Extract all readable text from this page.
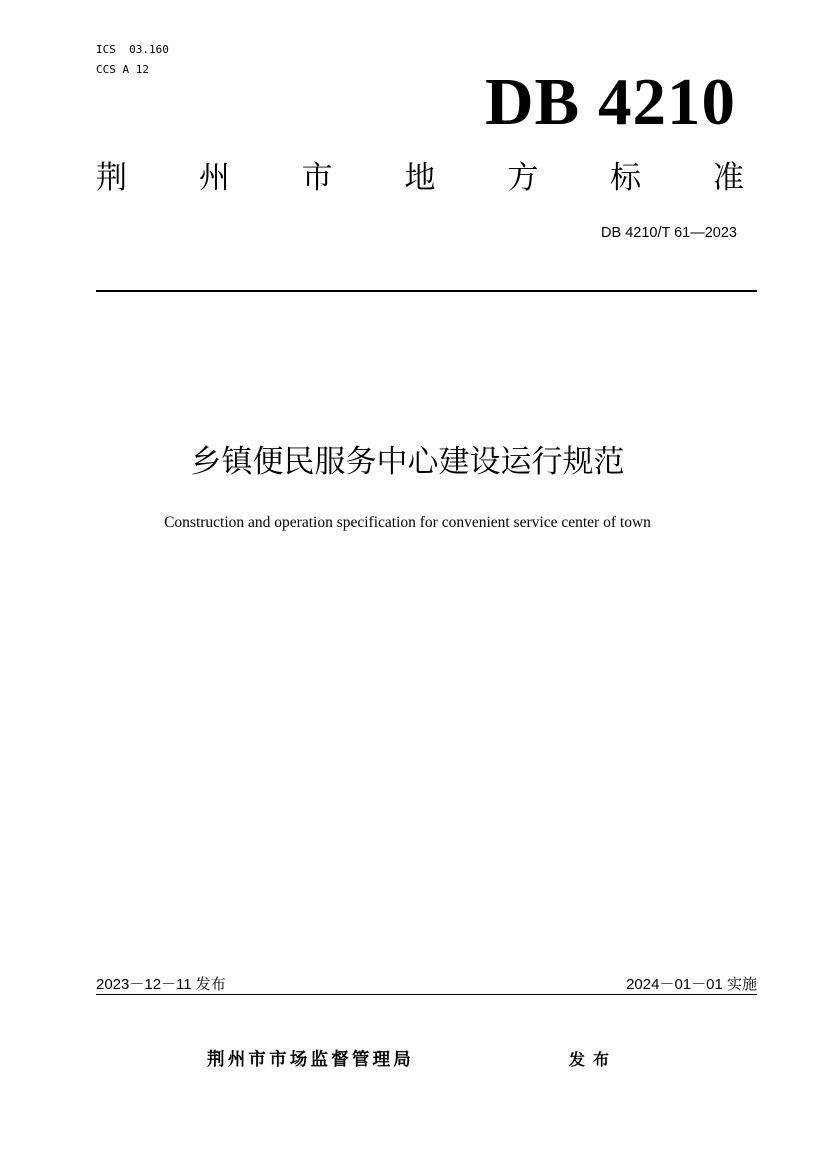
ICS  03.160
CCS A 12	DB 4210
荆 州 市 地 方 标 准
DB 4210/T 61—2023
乡镇便民服务中心建设运行规范
Construction and operation specification for convenient service center of town
2023－12－11 发布	2024－01－01 实施
荆州市市场监督管理局	发布
